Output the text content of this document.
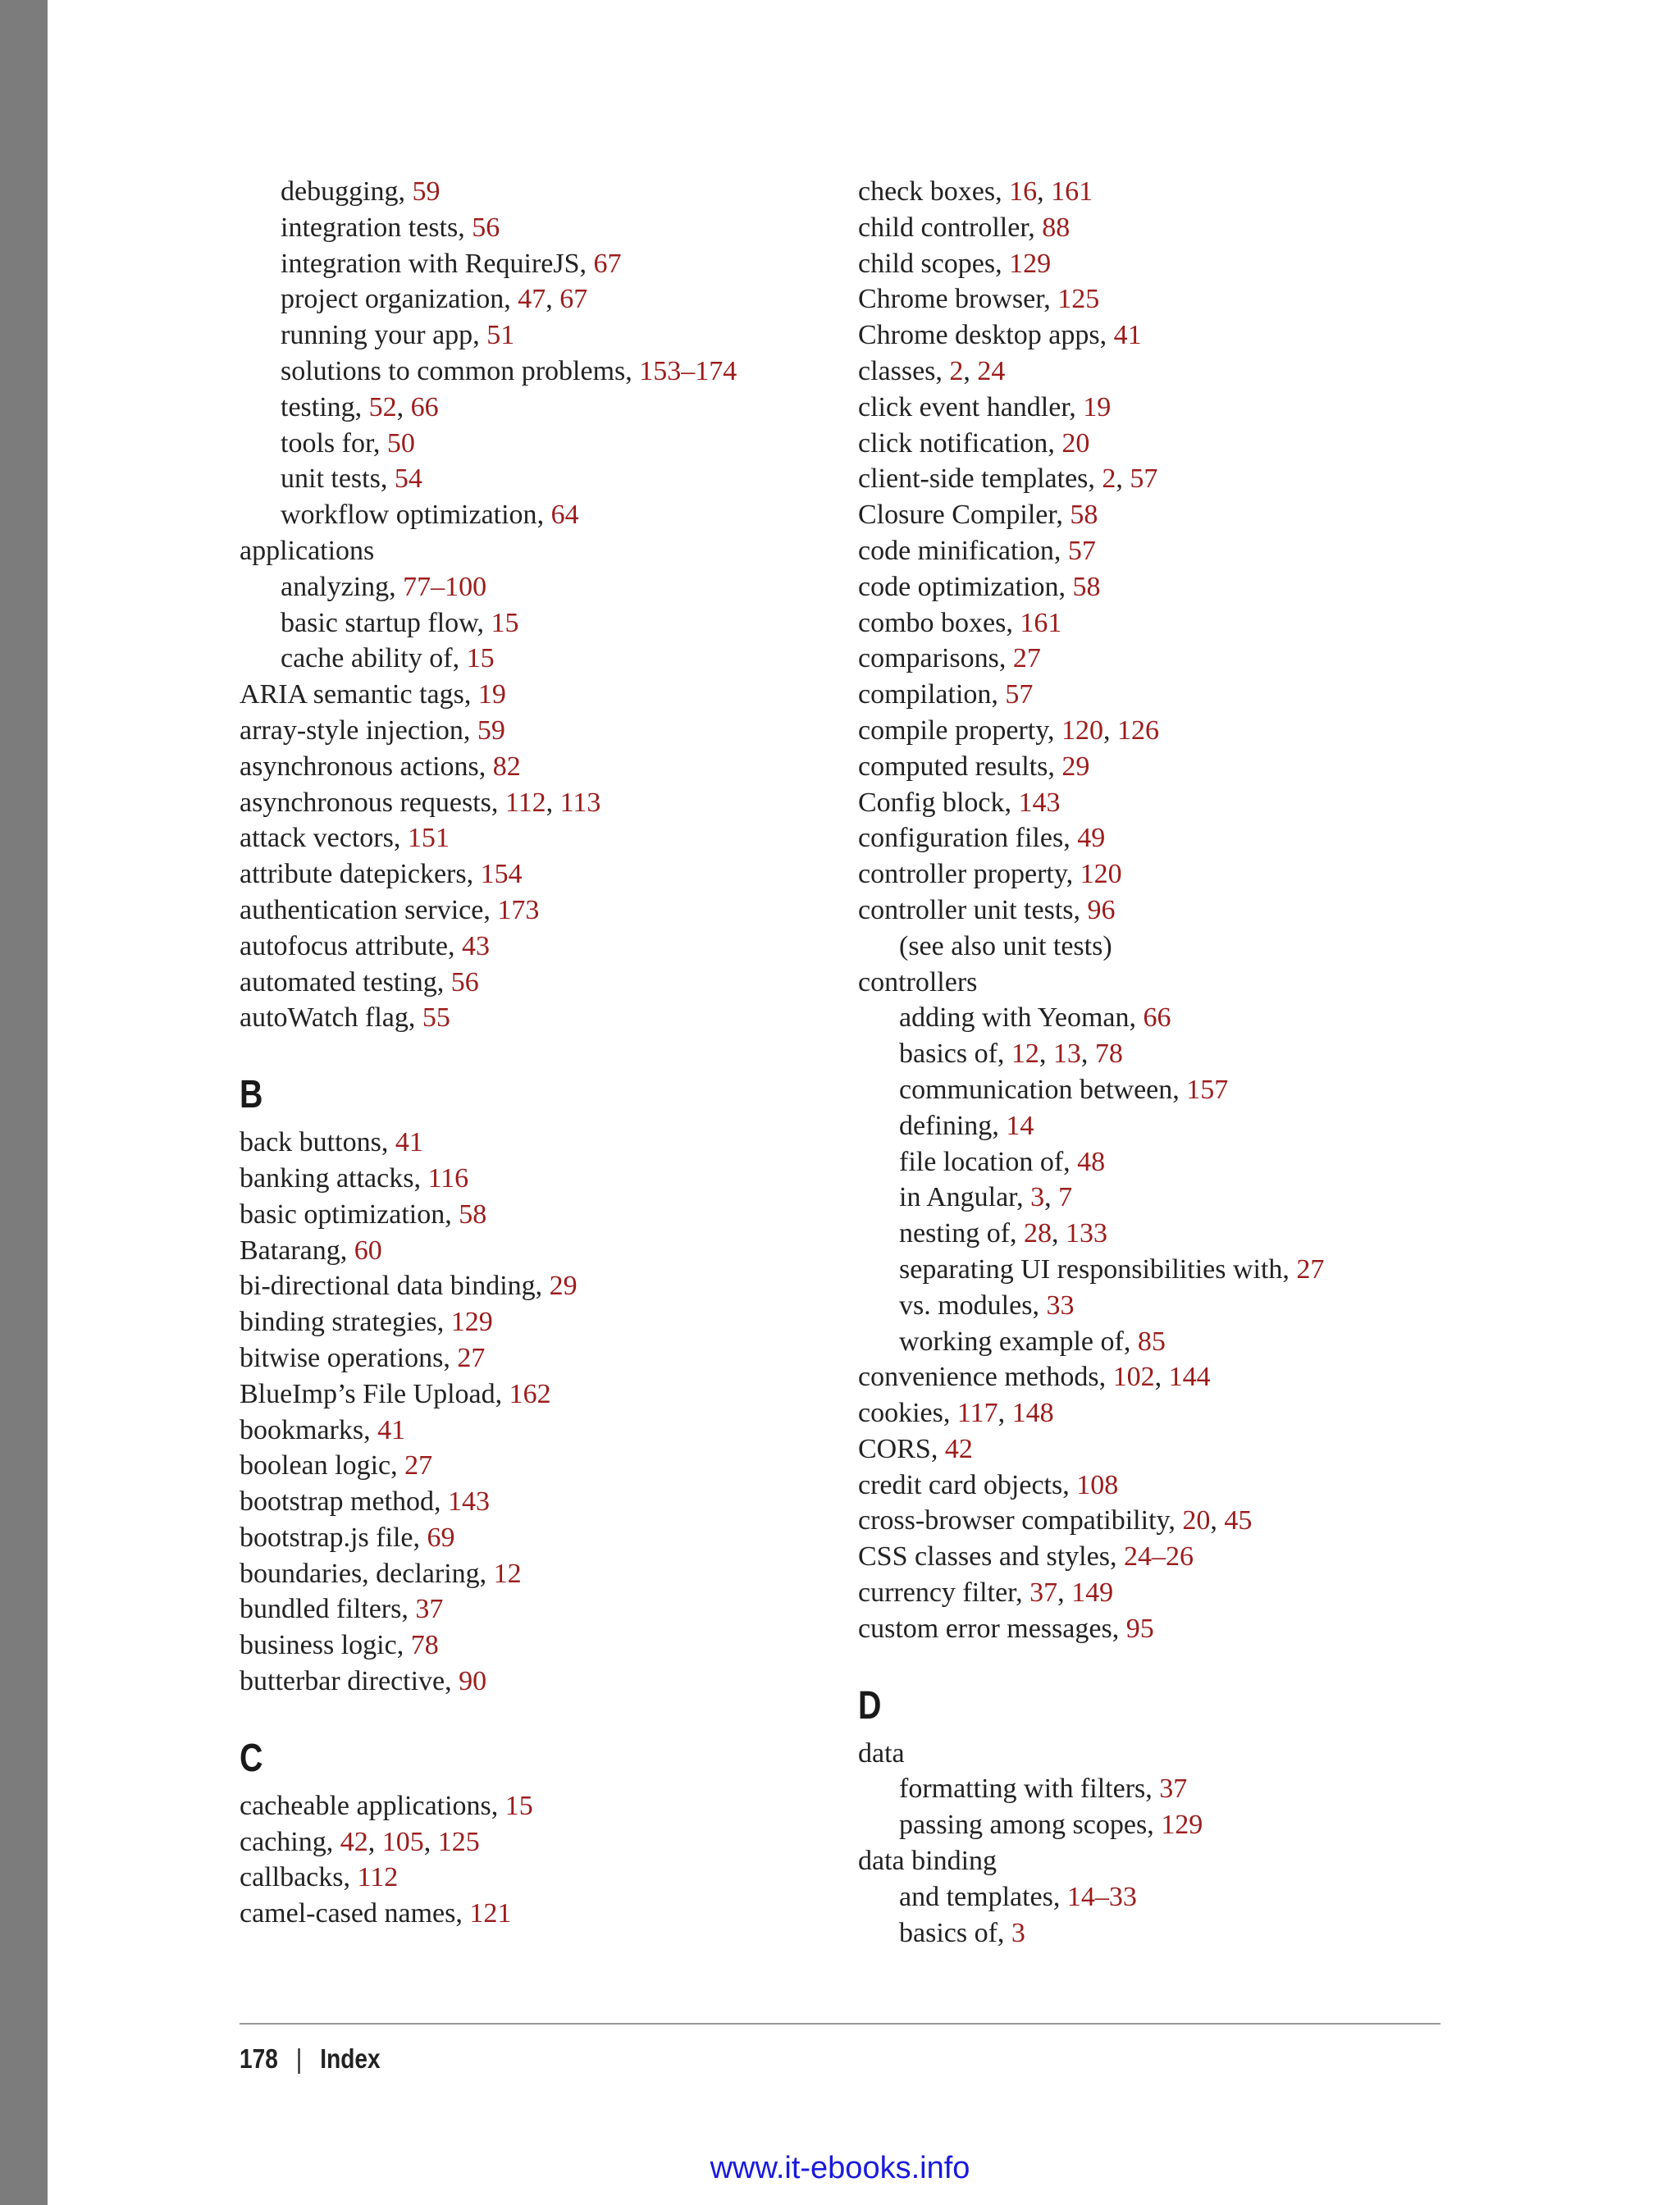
debugging, 59
integration tests, 56
integration with RequireJS, 67
project organization, 47, 67
running your app, 51
solutions to common problems, 153–174
testing, 52, 66
tools for, 50
unit tests, 54
workflow optimization, 64
applications
analyzing, 77–100
basic startup flow, 15
cache ability of, 15
ARIA semantic tags, 19
array-style injection, 59
asynchronous actions, 82
asynchronous requests, 112, 113
attack vectors, 151
attribute datepickers, 154
authentication service, 173
autofocus attribute, 43
automated testing, 56
autoWatch flag, 55
B
back buttons, 41
banking attacks, 116
basic optimization, 58
Batarang, 60
bi-directional data binding, 29
binding strategies, 129
bitwise operations, 27
BlueImp’s File Upload, 162
bookmarks, 41
boolean logic, 27
bootstrap method, 143
bootstrap.js file, 69
boundaries, declaring, 12
bundled filters, 37
business logic, 78
butterbar directive, 90
C
cacheable applications, 15
caching, 42, 105, 125
callbacks, 112
camel-cased names, 121
check boxes, 16, 161
child controller, 88
child scopes, 129
Chrome browser, 125
Chrome desktop apps, 41
classes, 2, 24
click event handler, 19
click notification, 20
client-side templates, 2, 57
Closure Compiler, 58
code minification, 57
code optimization, 58
combo boxes, 161
comparisons, 27
compilation, 57
compile property, 120, 126
computed results, 29
Config block, 143
configuration files, 49
controller property, 120
controller unit tests, 96
(see also unit tests)
controllers
adding with Yeoman, 66
basics of, 12, 13, 78
communication between, 157
defining, 14
file location of, 48
in Angular, 3, 7
nesting of, 28, 133
separating UI responsibilities with, 27
vs. modules, 33
working example of, 85
convenience methods, 102, 144
cookies, 117, 148
CORS, 42
credit card objects, 108
cross-browser compatibility, 20, 45
CSS classes and styles, 24–26
currency filter, 37, 149
custom error messages, 95
D
data
formatting with filters, 37
passing among scopes, 129
data binding
and templates, 14–33
basics of, 3
178 | Index
www.it-ebooks.info
